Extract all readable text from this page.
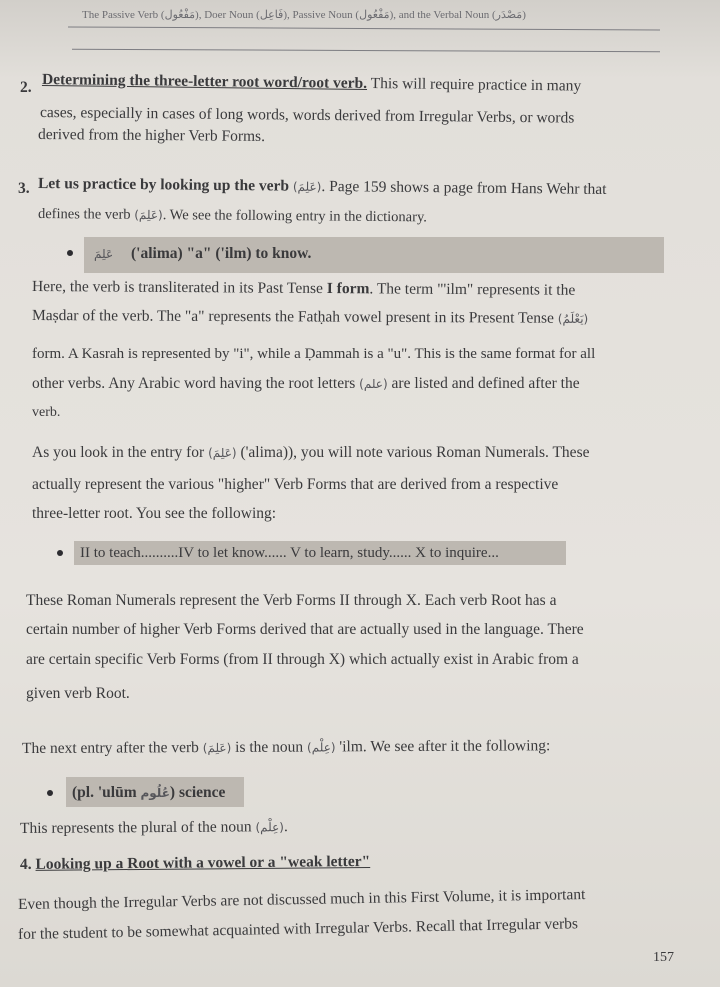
The Passive Verb (مَفْعُول), Doer Noun (فَاعِل), Passive Noun (مَفْعُول), and the Verbal Noun (مَصْدَر)
2. Determining the three-letter root word/root verb. This will require practice in many
cases, especially in cases of long words, words derived from Irregular Verbs, or words
derived from the higher Verb Forms.
3. Let us practice by looking up the verb (عَلِمَ). Page 159 shows a page from Hans Wehr that
defines the verb (عَلِمَ). We see the following entry in the dictionary.
عَلِمَ ('alima) "a" ('ilm) to know.
Here, the verb is transliterated in its Past Tense I form. The term "'ilm" represents it the
Maṣdar of the verb. The "a" represents the Fatḥah vowel present in its Present Tense (يَعْلَمُ)
form. A Kasrah is represented by "i", while a Ḍammah is a "u". This is the same format for all
other verbs. Any Arabic word having the root letters (علم) are listed and defined after the
verb.
As you look in the entry for (عَلِمَ) ('alima)), you will note various Roman Numerals. These
actually represent the various "higher" Verb Forms that are derived from a respective
three-letter root. You see the following:
II to teach..........IV to let know...... V to learn, study...... X to inquire...
These Roman Numerals represent the Verb Forms II through X. Each verb Root has a
certain number of higher Verb Forms derived that are actually used in the language. There
are certain specific Verb Forms (from II through X) which actually exist in Arabic from a
given verb Root.
The next entry after the verb (عَلِمَ) is the noun (عِلْم) 'ilm. We see after it the following:
(pl. 'ulūm عُلُوم) science
This represents the plural of the noun (عِلْم).
4. Looking up a Root with a vowel or a "weak letter"
Even though the Irregular Verbs are not discussed much in this First Volume, it is important
for the student to be somewhat acquainted with Irregular Verbs. Recall that Irregular verbs
157
